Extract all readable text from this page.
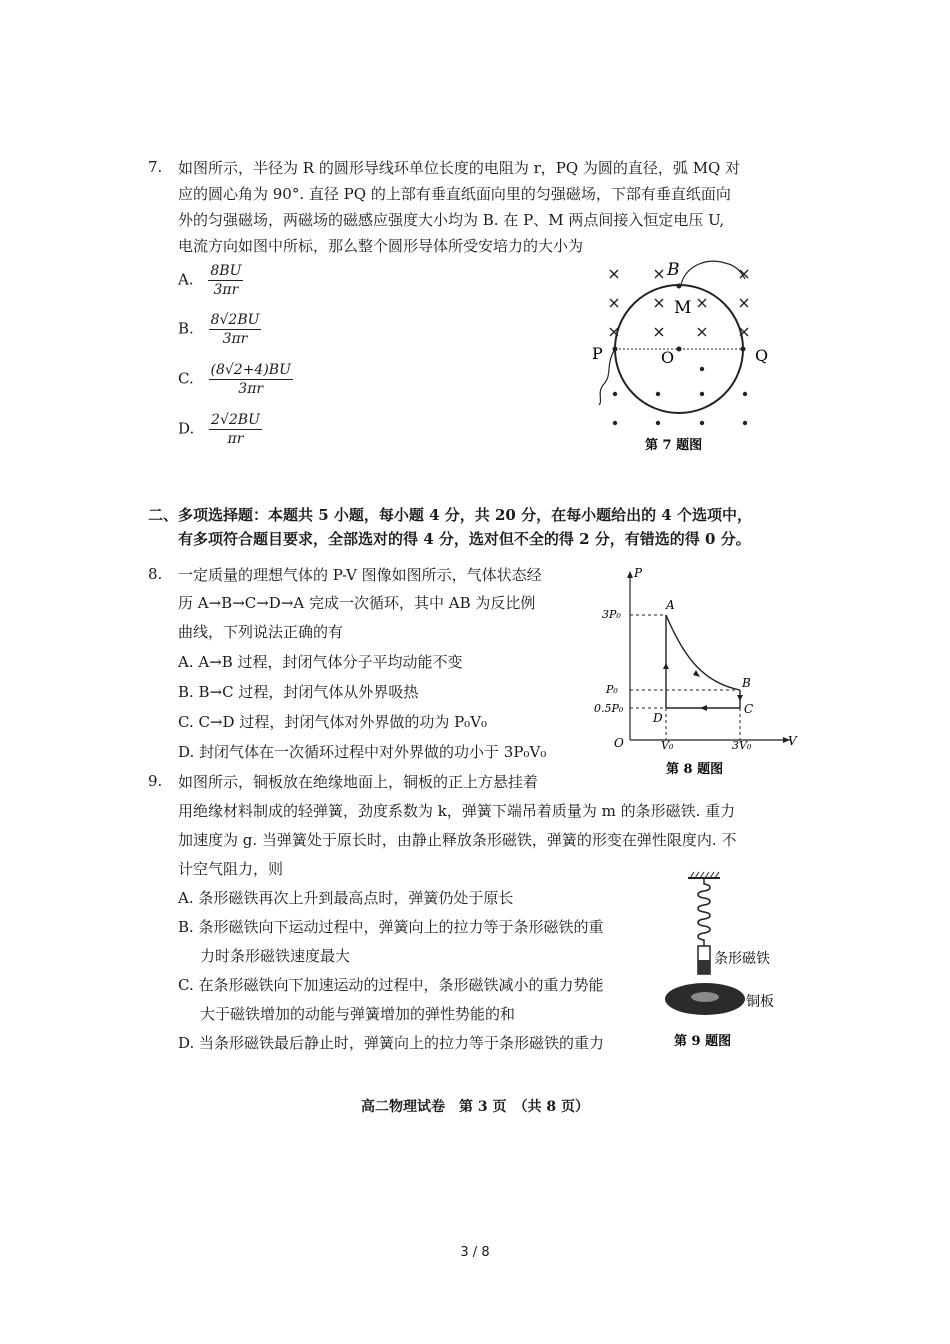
7. 如图所示，半径为 R 的圆形导线环单位长度的电阻为 r，PQ 为圆的直径，弧 MQ 对
应的圆心角为 90°. 直径 PQ 的上部有垂直纸面向里的匀强磁场，下部有垂直纸面向
外的匀强磁场，两磁场的磁感应强度大小均为 B. 在 P、M 两点间接入恒定电压 U,
电流方向如图中所标，那么整个圆形导体所受安培力的大小为
A. $\frac{8BU}{3\pi r}$
B. $\frac{8√2BU}{3\pi r}$
C. $\frac{(8√2+4)BU}{3\pi r}$
D. $\frac{2√2BU}{\pi r}$
B
M
O
P	Q
第 7 题图
二、多项选择题：本题共 5 小题，每小题 4 分，共 20 分，在每小题给出的 4 个选项中，
有多项符合题目要求，全部选对的得 4 分，选对但不全的得 2 分，有错选的得 0 分。
8. 一定质量的理想气体的 P-V 图像如图所示，气体状态经
历 A→B→C→D→A 完成一次循环，其中 AB 为反比例
曲线，下列说法正确的有
A. A→B 过程，封闭气体分子平均动能不变
B. B→C 过程，封闭气体从外界吸热
C. C→D 过程，封闭气体对外界做的功为 P₀V₀
D. 封闭气体在一次循环过程中对外界做的功小于 3P₀V₀
P
V
O
3P₀
P₀
0.5P₀
V₀	3V₀
A
B
C
D
第 8 题图
9. 如图所示，铜板放在绝缘地面上，铜板的正上方悬挂着
用绝缘材料制成的轻弹簧，劲度系数为 k，弹簧下端吊着质量为 m 的条形磁铁. 重力
加速度为 g. 当弹簧处于原长时，由静止释放条形磁铁，弹簧的形变在弹性限度内. 不
计空气阻力，则
A. 条形磁铁再次上升到最高点时，弹簧仍处于原长
B. 条形磁铁向下运动过程中，弹簧向上的拉力等于条形磁铁的重
力时条形磁铁速度最大
C. 在条形磁铁向下加速运动的过程中，条形磁铁减小的重力势能
大于磁铁增加的动能与弹簧增加的弹性势能的和
D. 当条形磁铁最后静止时，弹簧向上的拉力等于条形磁铁的重力
条形磁铁
铜板
第 9 题图
高二物理试卷　第 3 页　（共 8 页）
3 / 8
